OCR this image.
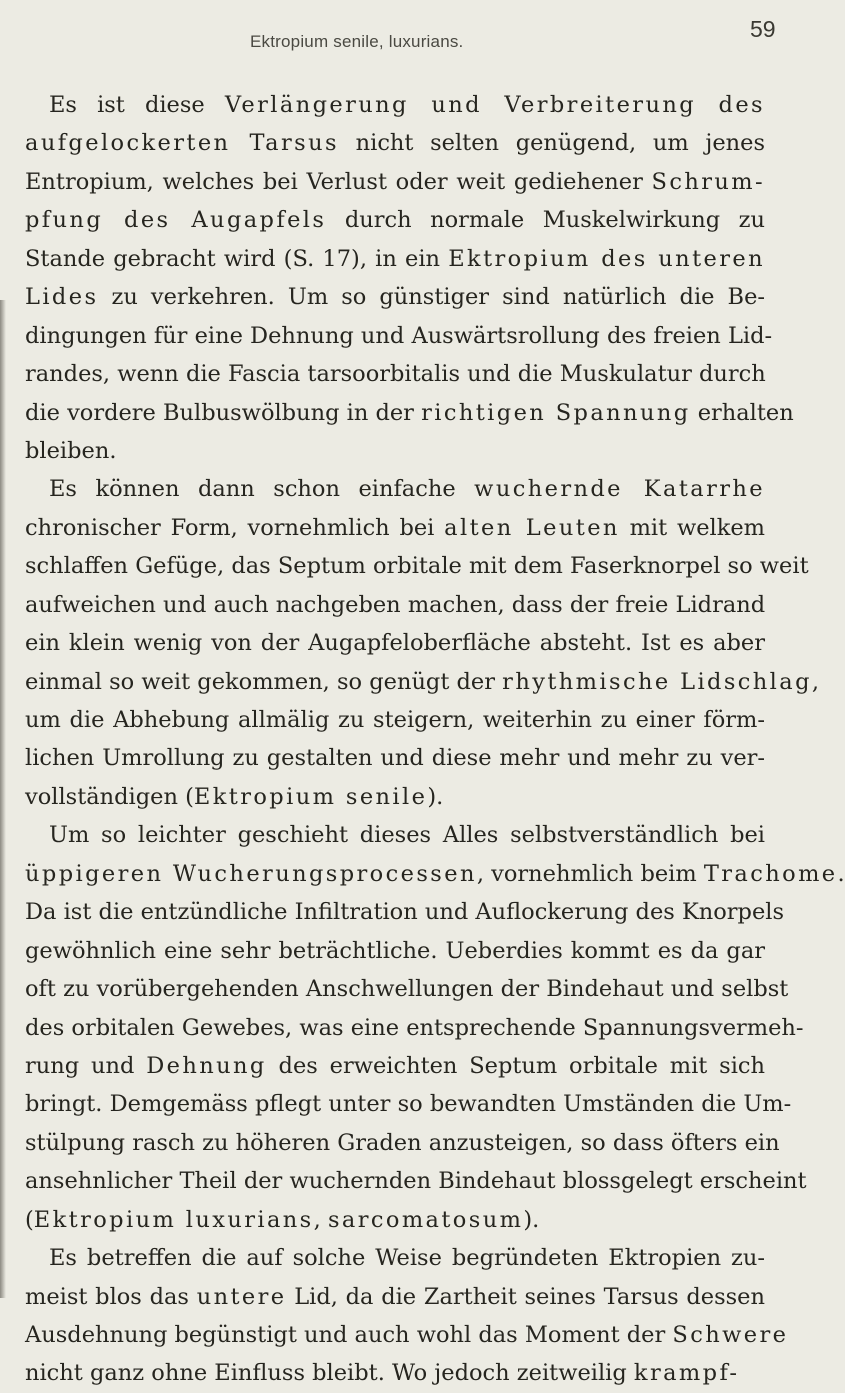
Ektropium senile, luxurians.	59
Es ist diese Verlängerung und Verbreiterung des
aufgelockerten Tarsus nicht selten genügend, um jenes
Entropium, welches bei Verlust oder weit gediehener Schrum-
pfung des Augapfels durch normale Muskelwirkung zu
Stande gebracht wird (S. 17), in ein Ektropium des unteren
Lides zu verkehren. Um so günstiger sind natürlich die Be-
dingungen für eine Dehnung und Auswärtsrollung des freien Lid-
randes, wenn die Fascia tarsoorbitalis und die Muskulatur durch
die vordere Bulbuswölbung in der richtigen Spannung erhalten
bleiben.
Es können dann schon einfache wuchernde Katarrhe
chronischer Form, vornehmlich bei alten Leuten mit welkem
schlaffen Gefüge, das Septum orbitale mit dem Faserknorpel so weit
aufweichen und auch nachgeben machen, dass der freie Lidrand
ein klein wenig von der Augapfeloberfläche absteht. Ist es aber
einmal so weit gekommen, so genügt der rhythmische Lidschlag,
um die Abhebung allmälig zu steigern, weiterhin zu einer förm-
lichen Umrollung zu gestalten und diese mehr und mehr zu ver-
vollständigen (Ektropium senile).
Um so leichter geschieht dieses Alles selbstverständlich bei
üppigeren Wucherungsprocessen, vornehmlich beim Trachome.
Da ist die entzündliche Infiltration und Auflockerung des Knorpels
gewöhnlich eine sehr beträchtliche. Ueberdies kommt es da gar
oft zu vorübergehenden Anschwellungen der Bindehaut und selbst
des orbitalen Gewebes, was eine entsprechende Spannungsvermeh-
rung und Dehnung des erweichten Septum orbitale mit sich
bringt. Demgemäss pflegt unter so bewandten Umständen die Um-
stülpung rasch zu höheren Graden anzusteigen, so dass öfters ein
ansehnlicher Theil der wuchernden Bindehaut blossgelegt erscheint
(Ektropium luxurians, sarcomatosum).
Es betreffen die auf solche Weise begründeten Ektropien zu-
meist blos das untere Lid, da die Zartheit seines Tarsus dessen
Ausdehnung begünstigt und auch wohl das Moment der Schwere
nicht ganz ohne Einfluss bleibt. Wo jedoch zeitweilig krampf-
